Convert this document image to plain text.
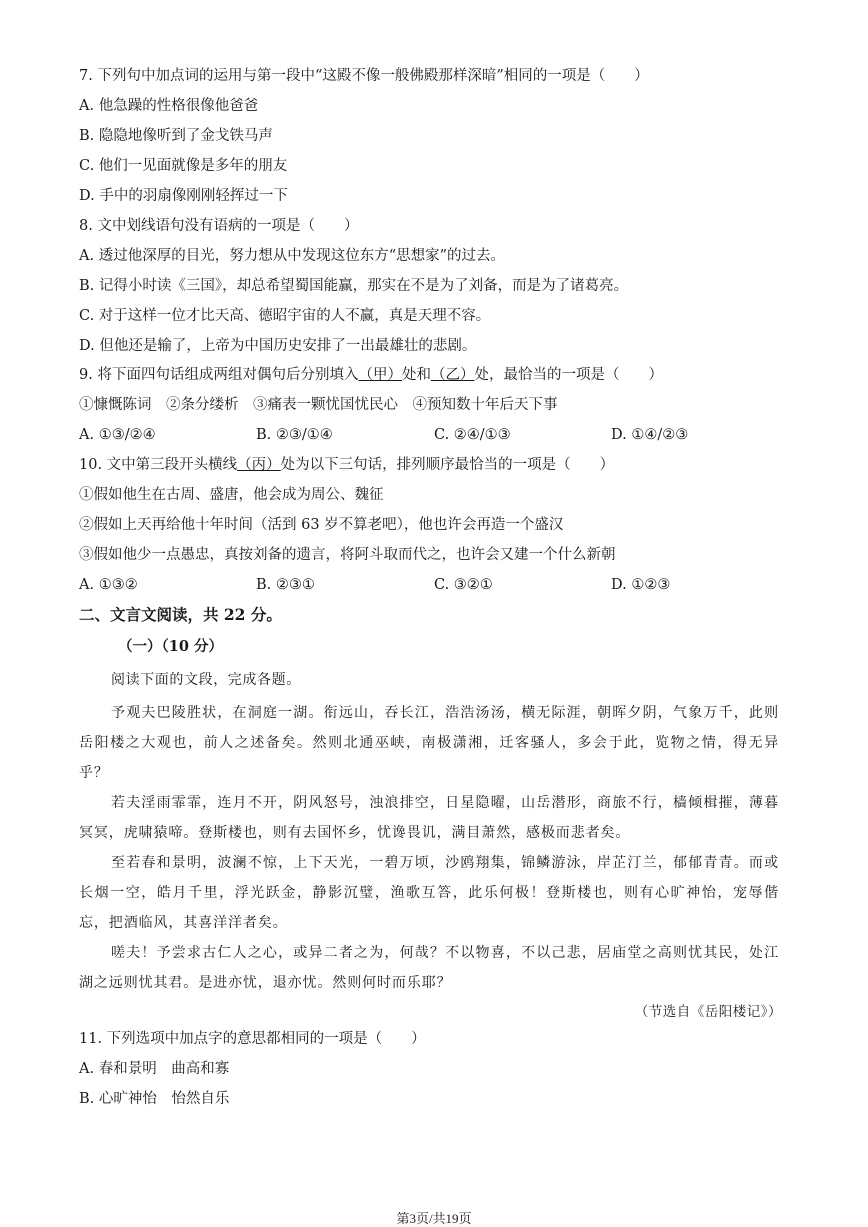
7. 下列句中加点词的运用与第一段中“这殿不像一般佛殿那样深暗”相同的一项是（　　）
A. 他急躁的性格很像他爸爸
B. 隐隐地像听到了金戈铁马声
C. 他们一见面就像是多年的朋友
D. 手中的羽扇像刚刚轻挥过一下
8. 文中划线语句没有语病的一项是（　　）
A. 透过他深厚的目光，努力想从中发现这位东方“思想家”的过去。
B. 记得小时读《三国》，却总希望蜀国能赢，那实在不是为了刘备，而是为了诸葛亮。
C. 对于这样一位才比天高、德昭宇宙的人不赢，真是天理不容。
D. 但他还是输了，上帝为中国历史安排了一出最雄壮的悲剧。
9. 将下面四句话组成两组对偶句后分别填入（甲）处和（乙）处，最恰当的一项是（　　）
①慷慨陈词　②条分缕析　③痛表一颗忧国忧民心　④预知数十年后天下事
A. ①③/②④	B. ②③/①④	C. ②④/①③	D. ①④/②③
10. 文中第三段开头横线（丙）处为以下三句话，排列顺序最恰当的一项是（　　）
①假如他生在古周、盛唐，他会成为周公、魏征
②假如上天再给他十年时间（活到 63 岁不算老吧），他也许会再造一个盛汉
③假如他少一点愚忠，真按刘备的遗言，将阿斗取而代之，也许会又建一个什么新朝
A. ①③②	B. ②③①	C. ③②①	D. ①②③
二、文言文阅读，共 22 分。
（一）（10 分）
阅读下面的文段，完成各题。
予观夫巴陵胜状，在洞庭一湖。衔远山，吞长江，浩浩汤汤，横无际涯，朝晖夕阴，气象万千，此则岳阳楼之大观也，前人之述备矣。然则北通巫峡，南极潇湘，迁客骚人，多会于此，览物之情，得无异乎？
若夫淫雨霏霏，连月不开，阴风怒号，浊浪排空，日星隐曜，山岳潜形，商旅不行，樯倾楫摧，薄暮冥冥，虎啸猿啼。登斯楼也，则有去国怀乡，忧谗畏讥，满目萧然，感极而悲者矣。
至若春和景明，波澜不惊，上下天光，一碧万顷，沙鸥翔集，锦鳞游泳，岸芷汀兰，郁郁青青。而或长烟一空，皓月千里，浮光跃金，静影沉璧，渔歌互答，此乐何极！登斯楼也，则有心旷神怡，宠辱偕忘，把酒临风，其喜洋洋者矣。
嗟夫！予尝求古仁人之心，或异二者之为，何哉？不以物喜，不以己悲，居庙堂之高则忧其民，处江湖之远则忧其君。是进亦忧，退亦忧。然则何时而乐耶？
（节选自《岳阳楼记》）
11. 下列选项中加点字的意思都相同的一项是（　　）
A. 春和景明　曲高和寡
B. 心旷神怡　怡然自乐
第3页/共19页
